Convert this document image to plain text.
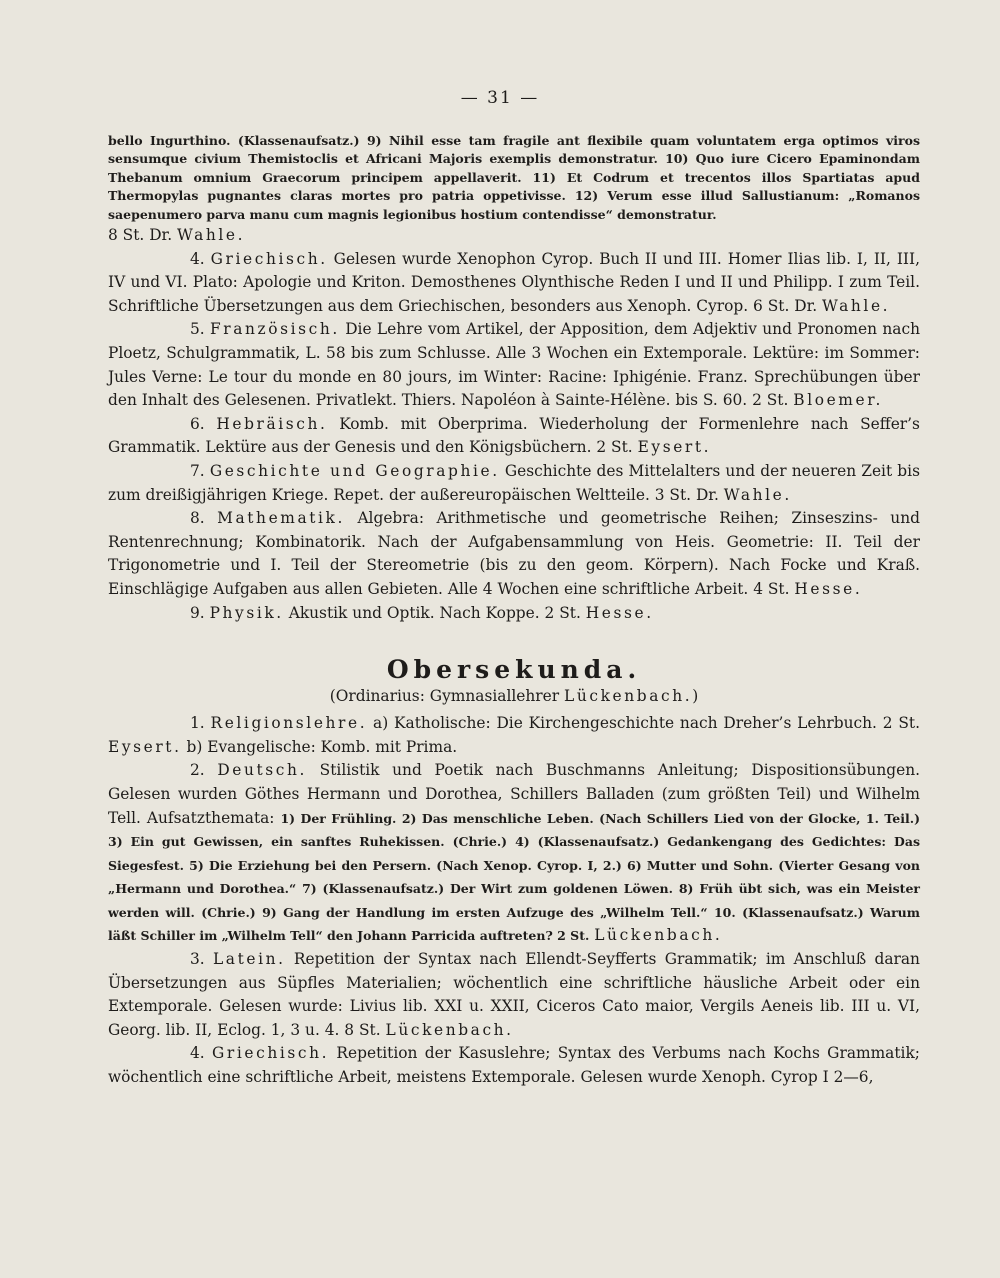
— 31 —

bello Ingurthino. (Klassenaufsatz.) 9) Nihil esse tam fragile ant flexibile quam voluntatem erga optimos viros sensumque civium Themistoclis et Africani Majoris exemplis demonstratur. 10) Quo iure Cicero Epaminondam Thebanum omnium Graecorum principem appellaverit. 11) Et Codrum et trecentos illos Spartiatas apud Thermopylas pugnantes claras mortes pro patria oppetivisse. 12) Verum esse illud Sallustianum: „Romanos saepenumero parva manu cum magnis legionibus hostium contendisse“ demonstratur.

8 St. Dr. Wahle.

4. Griechisch. Gelesen wurde Xenophon Cyrop. Buch II und III. Homer Ilias lib. I, II, III, IV und VI. Plato: Apologie und Kriton. Demosthenes Olynthische Reden I und II und Philipp. I zum Teil. Schriftliche Übersetzungen aus dem Griechischen, besonders aus Xenoph. Cyrop. 6 St. Dr. Wahle.

5. Französisch. Die Lehre vom Artikel, der Apposition, dem Adjektiv und Pronomen nach Ploetz, Schulgrammatik, L. 58 bis zum Schlusse. Alle 3 Wochen ein Extemporale. Lektüre: im Sommer: Jules Verne: Le tour du monde en 80 jours, im Winter: Racine: Iphigénie. Franz. Sprechübungen über den Inhalt des Gelesenen. Privatlekt. Thiers. Napoléon à Sainte-Hélène. bis S. 60. 2 St. Bloemer.

6. Hebräisch. Komb. mit Oberprima. Wiederholung der Formenlehre nach Seffer’s Grammatik. Lektüre aus der Genesis und den Königsbüchern. 2 St. Eysert.

7. Geschichte und Geographie. Geschichte des Mittelalters und der neueren Zeit bis zum dreißigjährigen Kriege. Repet. der außereuropäischen Weltteile. 3 St. Dr. Wahle.

8. Mathematik. Algebra: Arithmetische und geometrische Reihen; Zinseszins- und Rentenrechnung; Kombinatorik. Nach der Aufgabensammlung von Heis. Geometrie: II. Teil der Trigonometrie und I. Teil der Stereometrie (bis zu den geom. Körpern). Nach Focke und Kraß. Einschlägige Aufgaben aus allen Gebieten. Alle 4 Wochen eine schriftliche Arbeit. 4 St. Hesse.

9. Physik. Akustik und Optik. Nach Koppe. 2 St. Hesse.

Obersekunda.
(Ordinarius: Gymnasiallehrer Lückenbach.)

1. Religionslehre. a) Katholische: Die Kirchengeschichte nach Dreher’s Lehrbuch. 2 St. Eysert. b) Evangelische: Komb. mit Prima.

2. Deutsch. Stilistik und Poetik nach Buschmanns Anleitung; Dispositionsübungen. Gelesen wurden Göthes Hermann und Dorothea, Schillers Balladen (zum größten Teil) und Wilhelm Tell. Aufsatzthemata: 1) Der Frühling. 2) Das menschliche Leben. (Nach Schillers Lied von der Glocke, 1. Teil.) 3) Ein gut Gewissen, ein sanftes Ruhekissen. (Chrie.) 4) (Klassenaufsatz.) Gedankengang des Gedichtes: Das Siegesfest. 5) Die Erziehung bei den Persern. (Nach Xenop. Cyrop. I, 2.) 6) Mutter und Sohn. (Vierter Gesang von „Hermann und Dorothea.“ 7) (Klassenaufsatz.) Der Wirt zum goldenen Löwen. 8) Früh übt sich, was ein Meister werden will. (Chrie.) 9) Gang der Handlung im ersten Aufzuge des „Wilhelm Tell.“ 10. (Klassenaufsatz.) Warum läßt Schiller im „Wilhelm Tell“ den Johann Parricida auftreten? 2 St. Lückenbach.

3. Latein. Repetition der Syntax nach Ellendt-Seyfferts Grammatik; im Anschluß daran Übersetzungen aus Süpfles Materialien; wöchentlich eine schriftliche häusliche Arbeit oder ein Extemporale. Gelesen wurde: Livius lib. XXI u. XXII, Ciceros Cato maior, Vergils Aeneis lib. III u. VI, Georg. lib. II, Eclog. 1, 3 u. 4. 8 St. Lückenbach.

4. Griechisch. Repetition der Kasuslehre; Syntax des Verbums nach Kochs Grammatik; wöchentlich eine schriftliche Arbeit, meistens Extemporale. Gelesen wurde Xenoph. Cyrop I 2—6,
